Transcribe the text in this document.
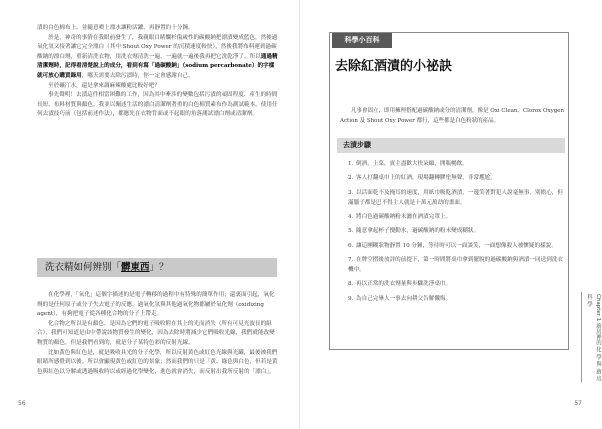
漬的白色棉布上，並隨意噴上漂水讓粉活躍，再靜置約十分鐘。

於是，神奇的事情在我眼前發生了，我親眼目睹爛杉傷歲性的碳酸鈉把漂漬變成藍色，然後過氧化氫又接著讓它完全漂白（其中 Shout Oxy Power 的沉積速度較快），然後我將布料運到過碳酸鈉的漂白劑，重新清洗衣物，用洗衣劑清洗一遍，一遍就一遍後我再把它洗乾淨了。所以通過精清潔劑時，記得看清楚說上的成分，看到有寫「過碳酸鈉」（sodium percarbonate）的字樣就可放心購買錄用，哪天需要去除污漬時，你一定會感謝自己。

至於礦汀水，還是拿來調麻辣酸處比較好吧？

事先聲明！去漬這件相當困難的工作，因為其中牽涉的變數包括污漬的頑固程度、產生的時間長短、布料材質與顏色，我並以闡述生活的漂白清潔劑著重的白色棉質素布作為測試範本，使用任何去漬技巧前（包括前述作法），都應先在衣物背面或不起眼的角落測試漂白劑或清潔劑。

洗衣精如何辨別「髒東西」？

在化學裡，「氧化」這個字描述的是電子轉移的過程中有特殊的簡單作用；還裏面引起，氧化劑的是任何原子或分子失去電子的反應，過氧化氫與其他過氧化物都屬於氧化劑（oxidizing agent），有夠把電子從各種化合物的分子上帶走。

化合物之所以是有顏色，是因為它們的電子吸收附在其上的光而消失（所有可見光波長的組合），我們可知道是由中帶說該物質發生的變化，因為去除時將減少它們吸收光線，我們就能改變物質的顏色，但是我們看到的，就是分子某特色彩的反射光線。

比如黃色與紅色是，就是吸收具光的分子化學，所以反射黃色或紅色光線與光罐，最後被我們眼睛所感覺到以後。所以會顯現黃色或紅色的景象；然而我們的只是「黃、綠色與白色，但若是黃色與紅色以分解或透過吸收時以或經過化學變化，進色就會消失，而反射出我所反射的「漂白」。

56
科學小百科
去除紅酒漬的小祕訣

凡事會固立，即用擁理搭配過碳酸鈉或分的清潔劑，像是 Oxi Clean、Clorox Oxygen Action 及 Shout Oxy Power 都行，這些都是白色粉狀的產品。

去漬步驟
1. 倒酒，上菜，賓主盡歡大快朵頤，開瓶暢飲。
2. 客人打翻桌巾上的紅酒，現場翻轉膠塗無聲，非常尷尬。
3. 以活面乾不及掩耳的速度，用紙巾吸乾酒漬，一邊笑著對犯人說毫無事，別擔心，但滿腦子都是巴不得主人就是十萬元萬劫的畫面。
4. 將白色過碳酸鈉粉末灑在酒漬完罩上。
5. 隨意拿起杯子攪動水，過碳酸鈉的粉末變成糊狀。
6. 讓這團糊狀物靜置 10 分鐘，等待時可以一面談笑，一面想像殺人被懷疑的樣貌。
7. 在牌空摺後放評的前提下，第一時間將桌巾拿到擺脫的過碳酸鈉與酒漬一同送到洗衣機中。
8. 再以正常的洗衣劑量與步驟洗淨桌巾。
9. 為自己完畢人一事去向耕父告解懺悔。	Chapter 1 廚房裡的 化 學 與 廚 房 科 學
57
